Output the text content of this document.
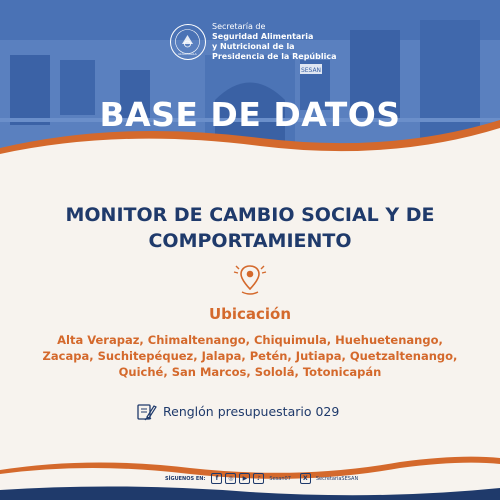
SESAN
GUATEMALA
Secretaría de
Seguridad Alimentaria
y Nutricional de la
Presidencia de la República
BASE DE DATOS
MONITOR DE CAMBIO SOCIAL Y DE
COMPORTAMIENTO
Ubicación
Alta Verapaz, Chimaltenango, Chiquimula, Huehuetenango,
Zacapa, Suchitepéquez, Jalapa, Petén, Jutiapa, Quetzaltenango,
Quiché, San Marcos, Sololá, Totonicapán
Renglón presupuestario 029
SÍGUENOS EN:	f	◎	▶	♪	Sesan07	X	SecretariaSESAN
